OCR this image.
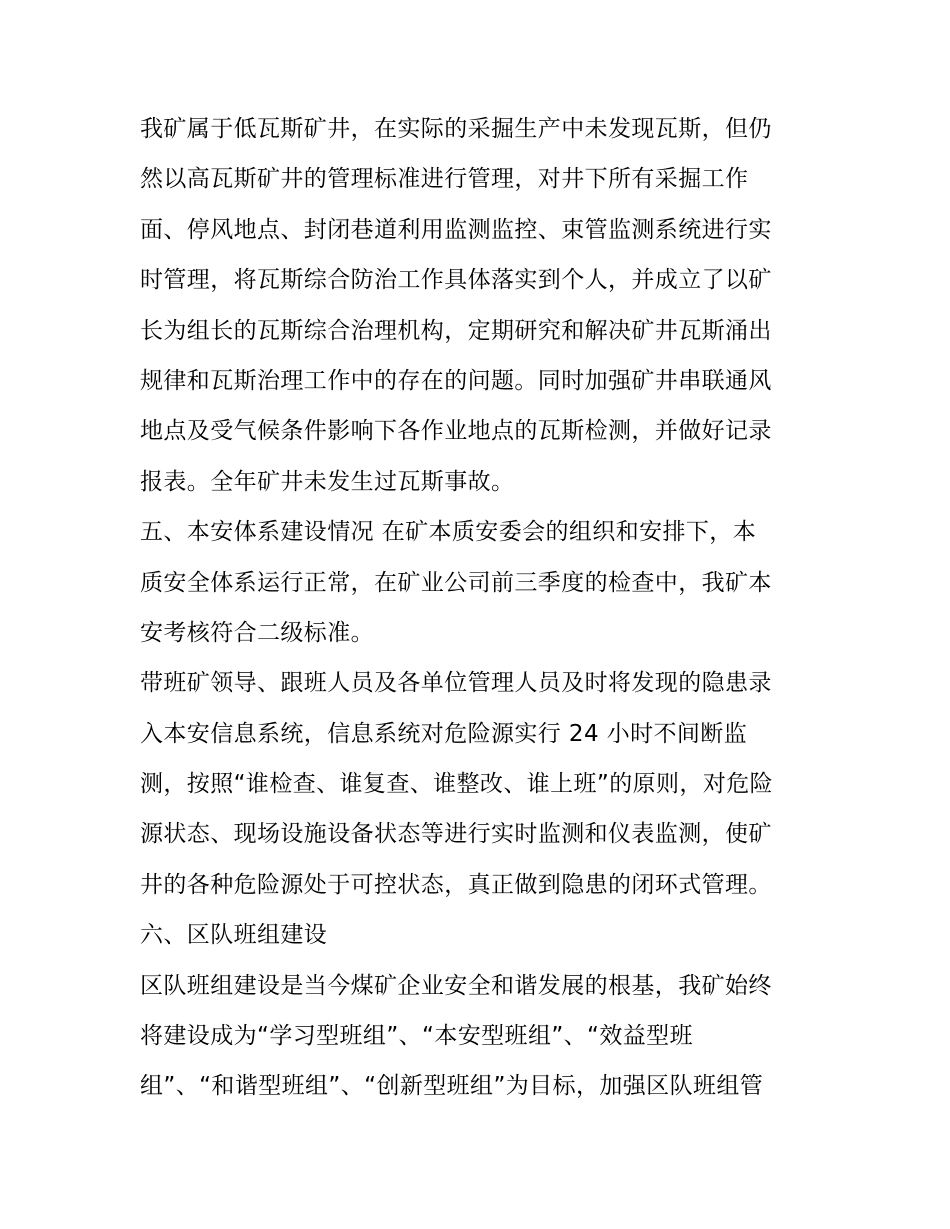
我矿属于低瓦斯矿井，在实际的采掘生产中未发现瓦斯，但仍
然以高瓦斯矿井的管理标准进行管理，对井下所有采掘工作
面、停风地点、封闭巷道利用监测监控、束管监测系统进行实
时管理，将瓦斯综合防治工作具体落实到个人，并成立了以矿
长为组长的瓦斯综合治理机构，定期研究和解决矿井瓦斯涌出
规律和瓦斯治理工作中的存在的问题。同时加强矿井串联通风
地点及受气候条件影响下各作业地点的瓦斯检测，并做好记录
报表。全年矿井未发生过瓦斯事故。
五、本安体系建设情况 在矿本质安委会的组织和安排下，本
质安全体系运行正常，在矿业公司前三季度的检查中，我矿本
安考核符合二级标准。
带班矿领导、跟班人员及各单位管理人员及时将发现的隐患录
入本安信息系统，信息系统对危险源实行 24 小时不间断监
测，按照“谁检查、谁复查、谁整改、谁上班”的原则，对危险
源状态、现场设施设备状态等进行实时监测和仪表监测，使矿
井的各种危险源处于可控状态，真正做到隐患的闭环式管理。
六、区队班组建设
区队班组建设是当今煤矿企业安全和谐发展的根基，我矿始终
将建设成为“学习型班组”、“本安型班组”、“效益型班
组”、“和谐型班组”、“创新型班组”为目标，加强区队班组管
